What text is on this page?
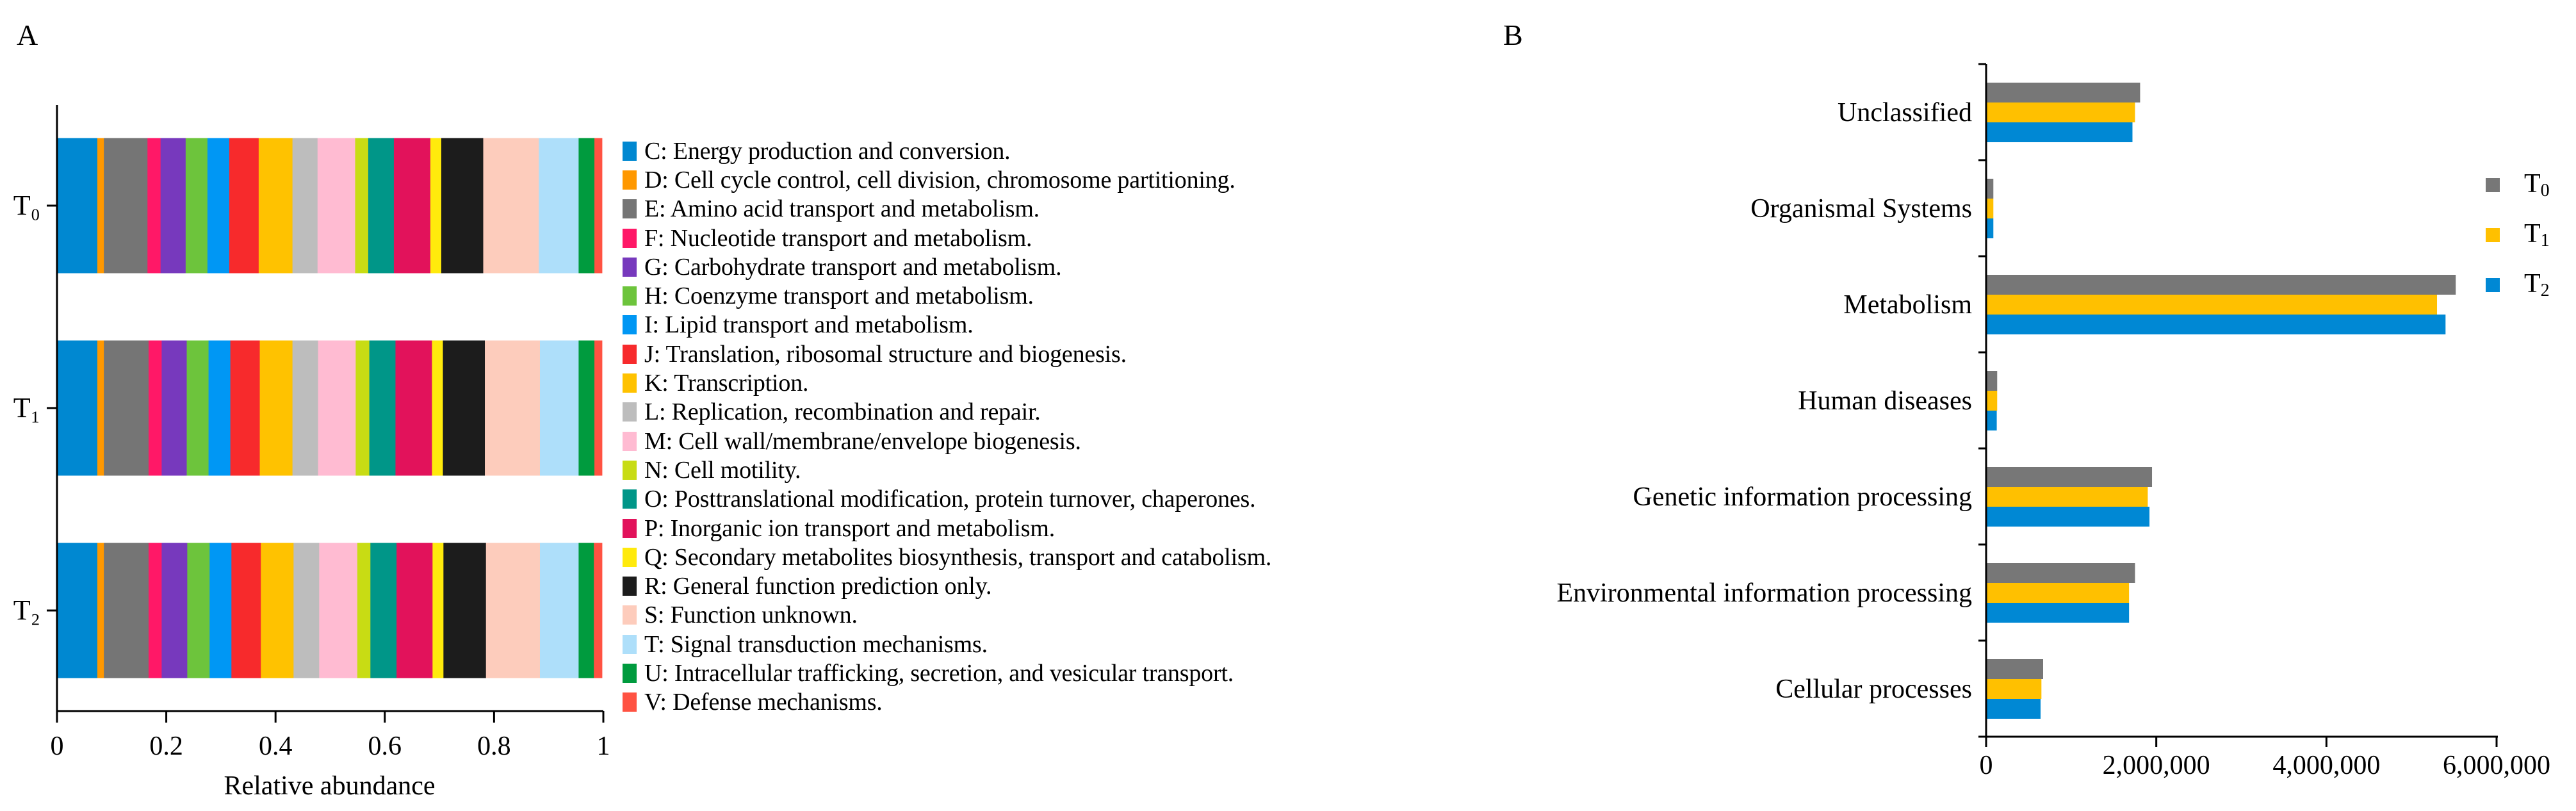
A	B
T₀
T₁
T₂
0	0.2	0.4	0.6	0.8	1
Relative abundance
Unclassified
Organismal Systems
Metabolism
Human diseases
Genetic information processing
Environmental information processing
Cellular processes
0	2,000,000 4,000,000 6,000,000
C: Energy production and conversion.
D: Cell cycle control, cell division, chromosome partitioning.
E: Amino acid transport and metabolism.
F: Nucleotide transport and metabolism.
G: Carbohydrate transport and metabolism.
H: Coenzyme transport and metabolism.
I: Lipid transport and metabolism.
J: Translation, ribosomal structure and biogenesis.
K: Transcription.
L: Replication, recombination and repair.
M: Cell wall/membrane/envelope biogenesis.
N: Cell motility.
O: Posttranslational modification, protein turnover, chaperones.
P: Inorganic ion transport and metabolism.
Q: Secondary metabolites biosynthesis, transport and catabolism.
R: General function prediction only.
S: Function unknown.
T: Signal transduction mechanisms.
U: Intracellular trafficking, secretion, and vesicular transport.
V: Defense mechanisms.
$T_0$
$T_1$
$T_2$
